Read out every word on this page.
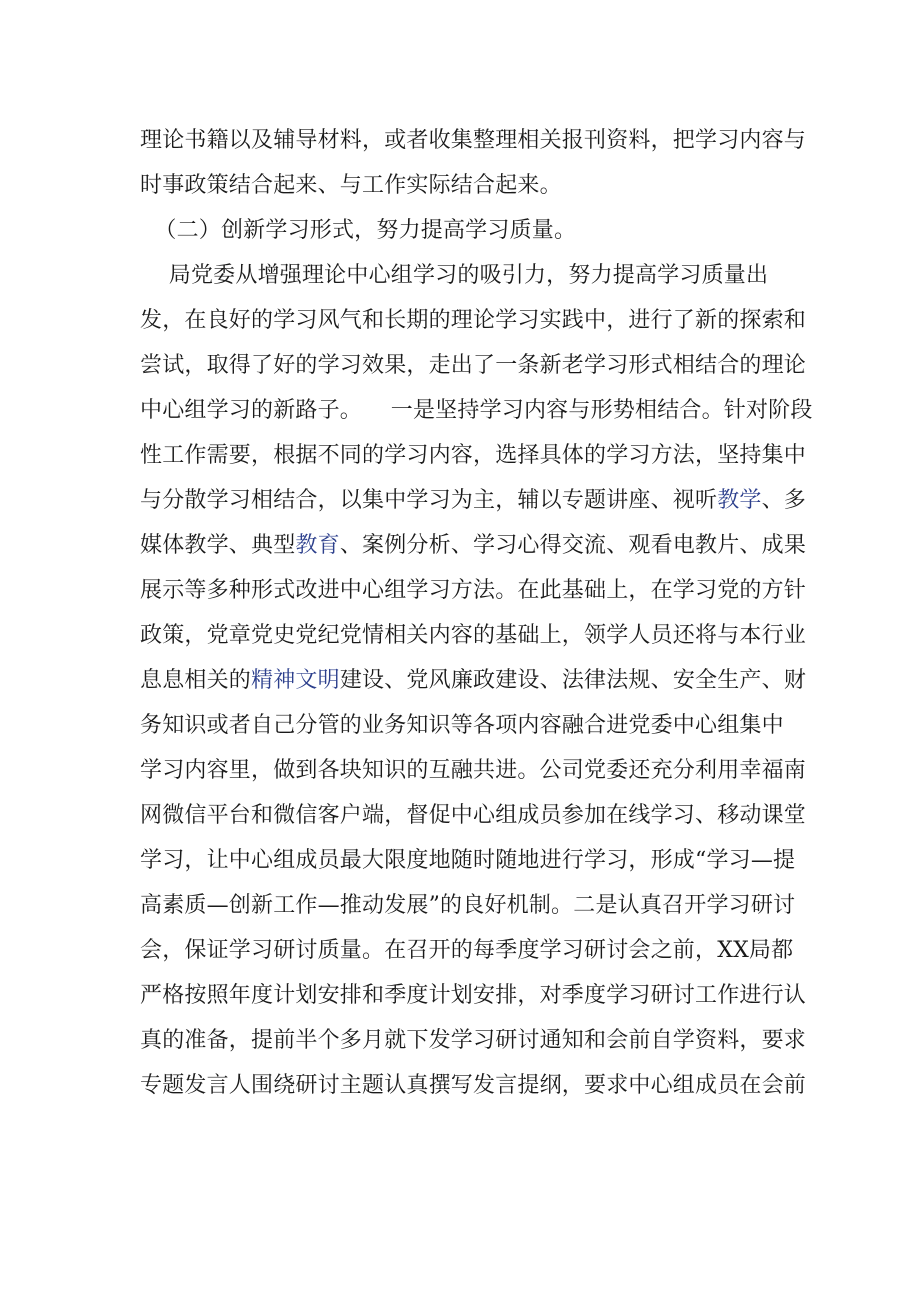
理论书籍以及辅导材料，或者收集整理相关报刊资料，把学习内容与
时事政策结合起来、与工作实际结合起来。
（二）创新学习形式，努力提高学习质量。
局党委从增强理论中心组学习的吸引力，努力提高学习质量出
发，在良好的学习风气和长期的理论学习实践中，进行了新的探索和
尝试，取得了好的学习效果，走出了一条新老学习形式相结合的理论
中心组学习的新路子。    一是坚持学习内容与形势相结合。针对阶段
性工作需要，根据不同的学习内容，选择具体的学习方法，坚持集中
与分散学习相结合，以集中学习为主，辅以专题讲座、视听教学、多
媒体教学、典型教育、案例分析、学习心得交流、观看电教片、成果
展示等多种形式改进中心组学习方法。在此基础上，在学习党的方针
政策，党章党史党纪党情相关内容的基础上，领学人员还将与本行业
息息相关的精神文明建设、党风廉政建设、法律法规、安全生产、财
务知识或者自己分管的业务知识等各项内容融合进党委中心组集中
学习内容里，做到各块知识的互融共进。公司党委还充分利用幸福南
网微信平台和微信客户端，督促中心组成员参加在线学习、移动课堂
学习，让中心组成员最大限度地随时随地进行学习，形成“学习—提
高素质—创新工作—推动发展”的良好机制。二是认真召开学习研讨
会，保证学习研讨质量。在召开的每季度学习研讨会之前，XX局都
严格按照年度计划安排和季度计划安排，对季度学习研讨工作进行认
真的准备，提前半个多月就下发学习研讨通知和会前自学资料，要求
专题发言人围绕研讨主题认真撰写发言提纲，要求中心组成员在会前
